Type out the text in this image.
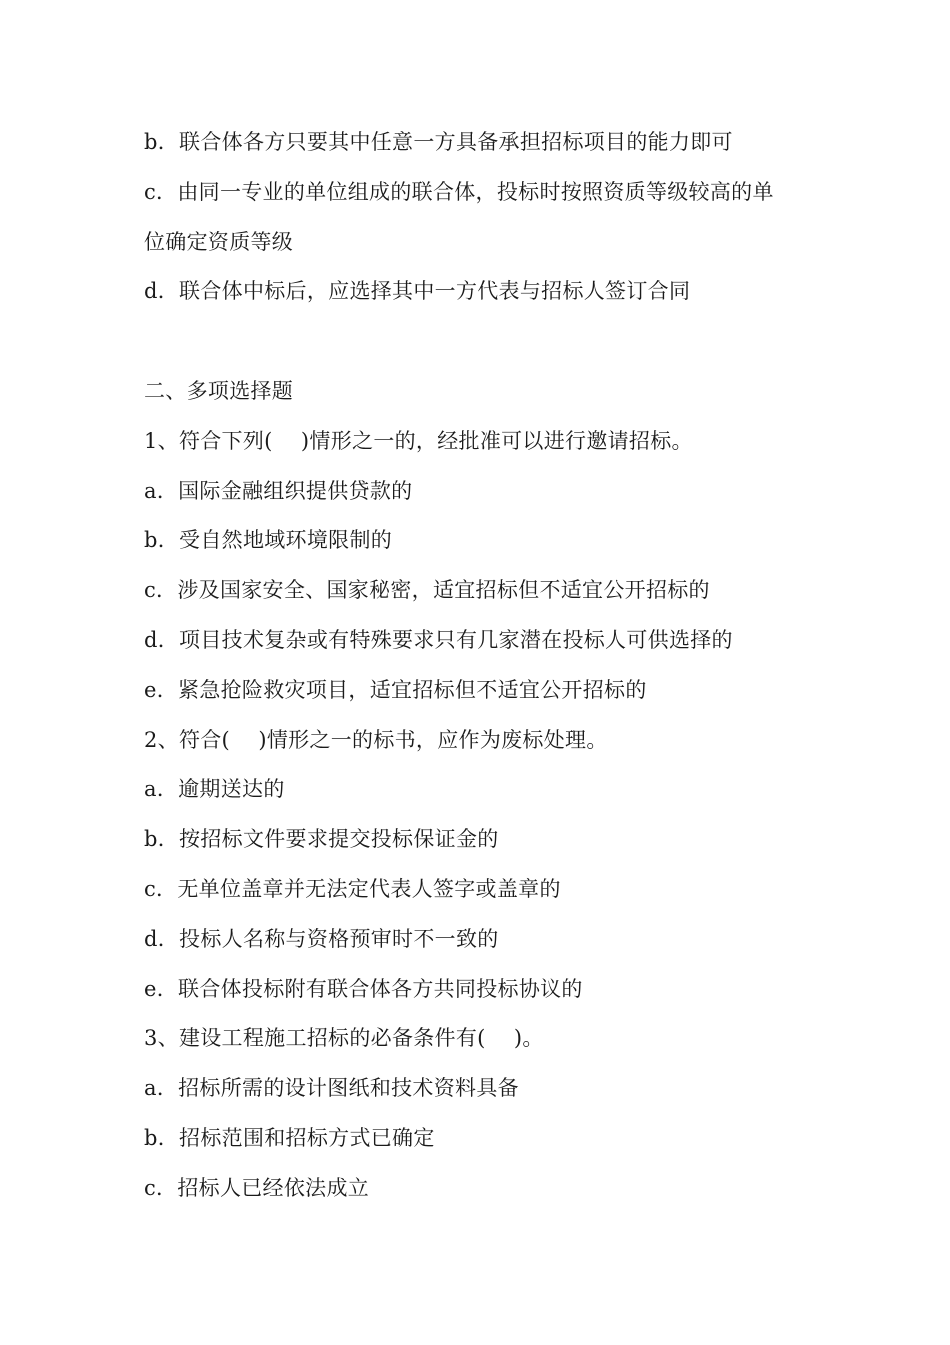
b．联合体各方只要其中任意一方具备承担招标项目的能力即可
c．由同一专业的单位组成的联合体，投标时按照资质等级较高的单
位确定资质等级
d．联合体中标后，应选择其中一方代表与招标人签订合同
二、多项选择题
1、符合下列(　 )情形之一的，经批准可以进行邀请招标。
a．国际金融组织提供贷款的
b．受自然地域环境限制的
c．涉及国家安全、国家秘密，适宜招标但不适宜公开招标的
d．项目技术复杂或有特殊要求只有几家潜在投标人可供选择的
e．紧急抢险救灾项目，适宜招标但不适宜公开招标的
2、符合(　 )情形之一的标书，应作为废标处理。
a．逾期送达的
b．按招标文件要求提交投标保证金的
c．无单位盖章并无法定代表人签字或盖章的
d．投标人名称与资格预审时不一致的
e．联合体投标附有联合体各方共同投标协议的
3、建设工程施工招标的必备条件有(　 )。
a．招标所需的设计图纸和技术资料具备
b．招标范围和招标方式已确定
c．招标人已经依法成立
